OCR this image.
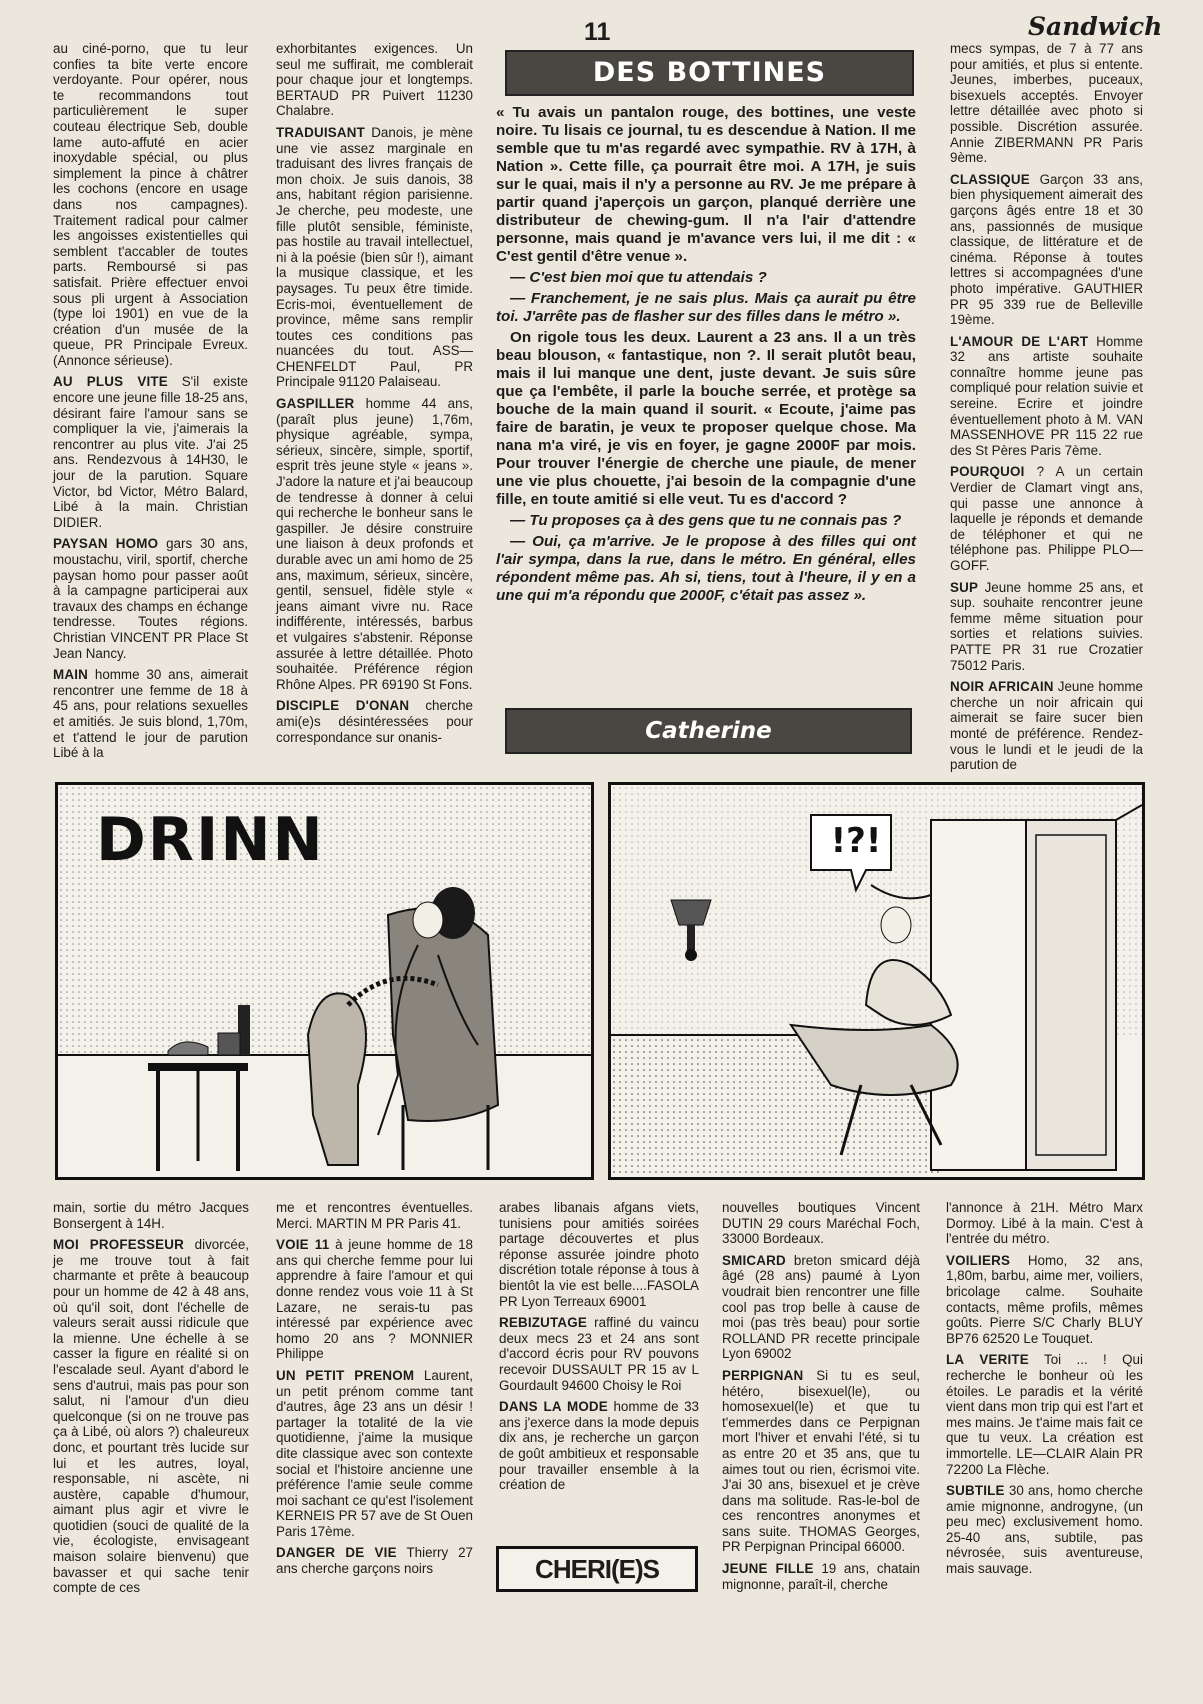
11	Sandwich

au ciné-porno, que tu leur confies ta bite verte encore verdoyante. Pour opérer, nous te recommandons tout particulièrement le super couteau électrique Seb, double lame auto-affuté en acier inoxydable spécial, ou plus simplement la pince à châtrer les cochons (encore en usage dans nos campagnes). Traitement radical pour calmer les angoisses existentielles qui semblent t'accabler de toutes parts. Remboursé si pas satisfait. Prière effectuer envoi sous pli urgent à Association (type loi 1901) en vue de la création d'un musée de la queue, PR Principale Evreux. (Annonce sérieuse).

AU PLUS VITE S'il existe encore une jeune fille 18-25 ans, désirant faire l'amour sans se compliquer la vie, j'aimerais la rencontrer au plus vite. J'ai 25 ans. Rendezvous à 14H30, le jour de la parution. Square Victor, bd Victor, Métro Balard, Libé à la main. Christian DIDIER.

PAYSAN HOMO gars 30 ans, moustachu, viril, sportif, cherche paysan homo pour passer août à la campagne participerai aux travaux des champs en échange tendresse. Toutes régions. Christian VINCENT PR Place St Jean Nancy.

MAIN homme 30 ans, aimerait rencontrer une femme de 18 à 45 ans, pour relations sexuelles et amitiés. Je suis blond, 1,70m, et t'attend le jour de parution Libé à la

exhorbitantes exigences. Un seul me suffirait, me comblerait pour chaque jour et longtemps. BERTAUD PR Puivert 11230 Chalabre.

TRADUISANT Danois, je mène une vie assez marginale en traduisant des livres français de mon choix. Je suis danois, 38 ans, habitant région parisienne. Je cherche, peu modeste, une fille plutôt sensible, féministe, pas hostile au travail intellectuel, ni à la poésie (bien sûr !), aimant la musique classique, et les paysages. Tu peux être timide. Ecris-moi, éventuellement de province, même sans remplir toutes ces conditions pas nuancées du tout. ASS—CHENFELDT Paul, PR Principale 91120 Palaiseau.

GASPILLER homme 44 ans, (paraît plus jeune) 1,76m, physique agréable, sympa, sérieux, sincère, simple, sportif, esprit très jeune style « jeans ». J'adore la nature et j'ai beaucoup de tendresse à donner à celui qui recherche le bonheur sans le gaspiller. Je désire construire une liaison à deux profonds et durable avec un ami homo de 25 ans, maximum, sérieux, sincère, gentil, sensuel, fidèle style « jeans aimant vivre nu. Race indifférente, intéressés, barbus et vulgaires s'abstenir. Réponse assurée à lettre détaillée. Photo souhaitée. Préférence région Rhône Alpes. PR 69190 St Fons.

DISCIPLE D'ONAN cherche ami(e)s désintéressées pour correspondance sur onanis-

DES BOTTINES

« Tu avais un pantalon rouge, des bottines, une veste noire. Tu lisais ce journal, tu es descendue à Nation. Il me semble que tu m'as regardé avec sympathie. RV à 17H, à Nation ». Cette fille, ça pourrait être moi. A 17H, je suis sur le quai, mais il n'y a personne au RV. Je me prépare à partir quand j'aperçois un garçon, planqué derrière une distributeur de chewing-gum. Il n'a l'air d'attendre personne, mais quand je m'avance vers lui, il me dit : « C'est gentil d'être venue ».

— C'est bien moi que tu attendais ?

— Franchement, je ne sais plus. Mais ça aurait pu être toi. J'arrête pas de flasher sur des filles dans le métro ».

On rigole tous les deux. Laurent a 23 ans. Il a un très beau blouson, « fantastique, non ?. Il serait plutôt beau, mais il lui manque une dent, juste devant. Je suis sûre que ça l'embête, il parle la bouche serrée, et protège sa bouche de la main quand il sourit. « Ecoute, j'aime pas faire de baratin, je veux te proposer quelque chose. Ma nana m'a viré, je vis en foyer, je gagne 2000F par mois. Pour trouver l'énergie de cherche une piaule, de mener une vie plus chouette, j'ai besoin de la compagnie d'une fille, en toute amitié si elle veut. Tu es d'accord ?

— Tu proposes ça à des gens que tu ne connais pas ?

— Oui, ça m'arrive. Je le propose à des filles qui ont l'air sympa, dans la rue, dans le métro. En général, elles répondent même pas. Ah si, tiens, tout à l'heure, il y en a une qui m'a répondu que 2000F, c'était pas assez ».

Catherine

mecs sympas, de 7 à 77 ans pour amitiés, et plus si entente. Jeunes, imberbes, puceaux, bisexuels acceptés. Envoyer lettre détaillée avec photo si possible. Discrétion assurée. Annie ZIBERMANN PR Paris 9ème.

CLASSIQUE Garçon 33 ans, bien physiquement aimerait des garçons âgés entre 18 et 30 ans, passionnés de musique classique, de littérature et de cinéma. Réponse à toutes lettres si accompagnées d'une photo impérative. GAUTHIER PR 95 339 rue de Belleville 19ème.

L'AMOUR DE L'ART Homme 32 ans artiste souhaite connaître homme jeune pas compliqué pour relation suivie et sereine. Ecrire et joindre éventuellement photo à M. VAN MASSENHOVE PR 115 22 rue des St Pères Paris 7ème.

POURQUOI ? A un certain Verdier de Clamart vingt ans, qui passe une annonce à laquelle je réponds et demande de téléphoner et qui ne téléphone pas. Philippe PLO—GOFF.

SUP Jeune homme 25 ans, et sup. souhaite rencontrer jeune femme même situation pour sorties et relations suivies. PATTE PR 31 rue Crozatier 75012 Paris.

NOIR AFRICAIN Jeune homme cherche un noir africain qui aimerait se faire sucer bien monté de préférence. Rendez-vous le lundi et le jeudi de la parution de

DRINN	!?!

main, sortie du métro Jacques Bonsergent à 14H.

MOI PROFESSEUR divorcée, je me trouve tout à fait charmante et prête à beaucoup pour un homme de 42 à 48 ans, où qu'il soit, dont l'échelle de valeurs serait aussi ridicule que la mienne. Une échelle à se casser la figure en réalité si on l'escalade seul. Ayant d'abord le sens d'autrui, mais pas pour son salut, ni l'amour d'un dieu quelconque (si on ne trouve pas ça à Libé, où alors ?) chaleureux donc, et pourtant très lucide sur lui et les autres, loyal, responsable, ni ascète, ni austère, capable d'humour, aimant plus agir et vivre le quotidien (souci de qualité de la vie, écologiste, envisageant maison solaire bienvenu) que bavasser et qui sache tenir compte de ces

me et rencontres éventuelles. Merci. MARTIN M PR Paris 41.

VOIE 11 à jeune homme de 18 ans qui cherche femme pour lui apprendre à faire l'amour et qui donne rendez vous voie 11 à St Lazare, ne serais-tu pas intéressé par expérience avec homo 20 ans ? MONNIER Philippe

UN PETIT PRENOM Laurent, un petit prénom comme tant d'autres, âge 23 ans un désir ! partager la totalité de la vie quotidienne, j'aime la musique dite classique avec son contexte social et l'histoire ancienne une préférence l'amie seule comme moi sachant ce qu'est l'isolement KERNEIS PR 57 ave de St Ouen Paris 17ème.

DANGER DE VIE Thierry 27 ans cherche garçons noirs

arabes libanais afgans viets, tunisiens pour amitiés soirées partage découvertes et plus réponse assurée joindre photo discrétion totale réponse à tous à bientôt la vie est belle....FASOLA PR Lyon Terreaux 69001

REBIZUTAGE raffiné du vaincu deux mecs 23 et 24 ans sont d'accord écris pour RV pouvons recevoir DUSSAULT PR 15 av L Gourdault 94600 Choisy le Roi

DANS LA MODE homme de 33 ans j'exerce dans la mode depuis dix ans, je recherche un garçon de goût ambitieux et responsable pour travailler ensemble à la création de

CHERI(E)S

nouvelles boutiques Vincent DUTIN 29 cours Maréchal Foch, 33000 Bordeaux.

SMICARD breton smicard déjà âgé (28 ans) paumé à Lyon voudrait bien rencontrer une fille cool pas trop belle à cause de moi (pas très beau) pour sortie ROLLAND PR recette principale Lyon 69002

PERPIGNAN Si tu es seul, hétéro, bisexuel(le), ou homosexuel(le) et que tu t'emmerdes dans ce Perpignan mort l'hiver et envahi l'été, si tu as entre 20 et 35 ans, que tu aimes tout ou rien, écrismoi vite. J'ai 30 ans, bisexuel et je crève dans ma solitude. Ras-le-bol de ces rencontres anonymes et sans suite. THOMAS Georges, PR Perpignan Principal 66000.

JEUNE FILLE 19 ans, chatain mignonne, paraît-il, cherche

l'annonce à 21H. Métro Marx Dormoy. Libé à la main. C'est à l'entrée du métro.

VOILIERS Homo, 32 ans, 1,80m, barbu, aime mer, voiliers, bricolage calme. Souhaite contacts, même profils, mêmes goûts. Pierre S/C Charly BLUY BP76 62520 Le Touquet.

LA VERITE Toi ... ! Qui recherche le bonheur où les étoiles. Le paradis et la vérité vient dans mon trip qui est l'art et mes mains. Je t'aime mais fait ce que tu veux. La création est immortelle. LE—CLAIR Alain PR 72200 La Flèche.

SUBTILE 30 ans, homo cherche amie mignonne, androgyne, (un peu mec) exclusivement homo. 25-40 ans, subtile, pas névrosée, suis aventureuse, mais sauvage.
